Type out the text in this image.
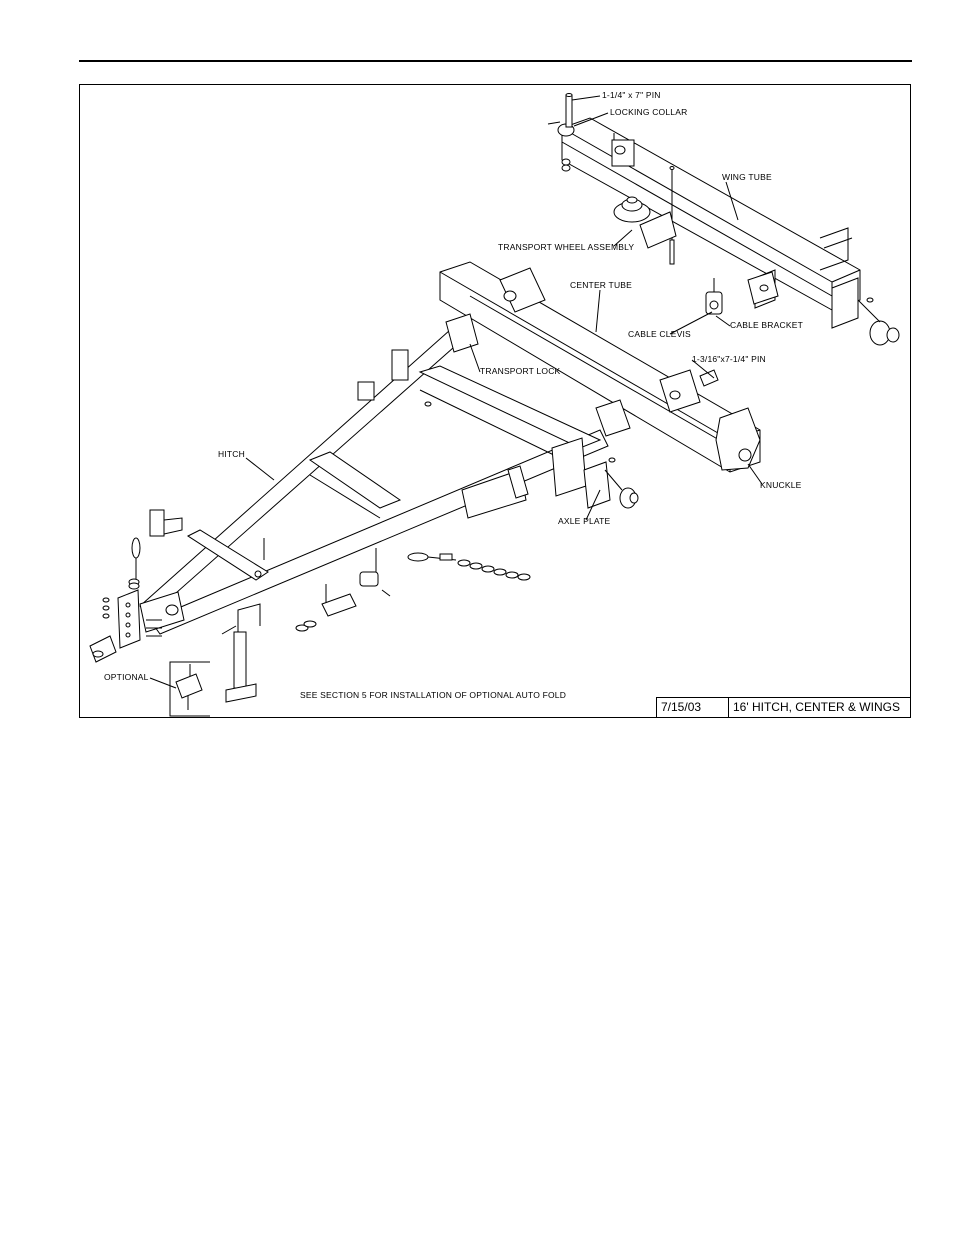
1-1/4" x 7" PIN
LOCKING COLLAR
WING TUBE
TRANSPORT WHEEL ASSEMBLY
CENTER TUBE
CABLE CLEVIS
CABLE BRACKET
1-3/16"x7-1/4" PIN
TRANSPORT LOCK
HITCH
KNUCKLE
AXLE PLATE
OPTIONAL
SEE SECTION 5 FOR INSTALLATION OF OPTIONAL AUTO FOLD
7/15/03	16' HITCH, CENTER & WINGS
